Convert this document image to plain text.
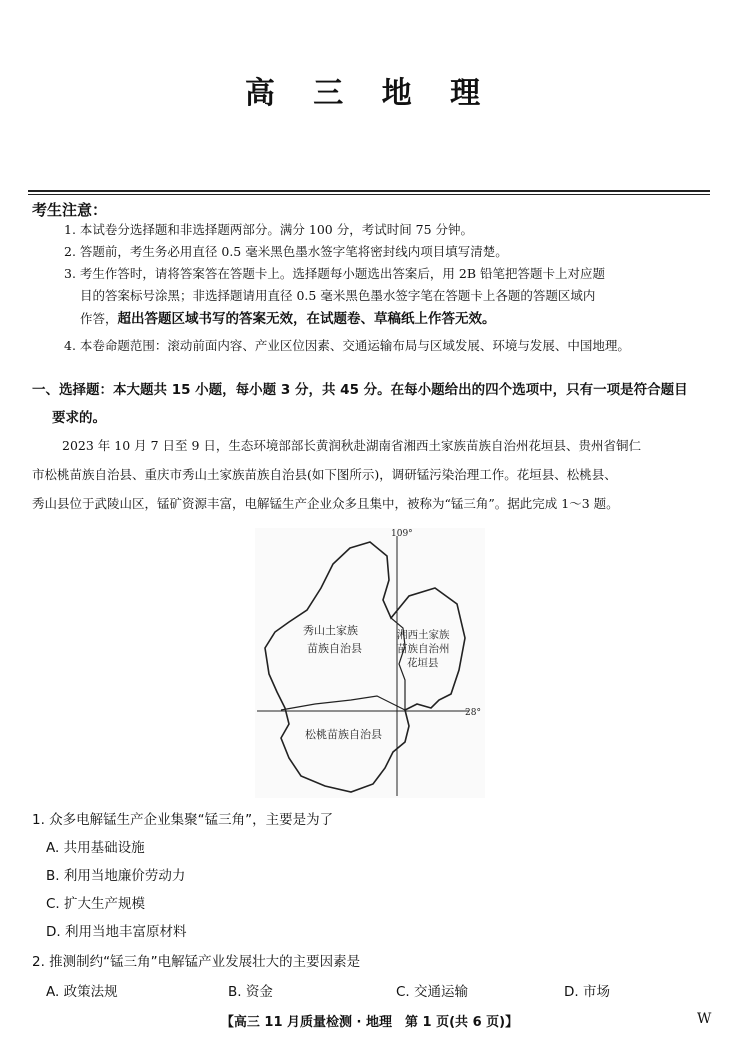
高 三 地 理
考生注意：
1. 本试卷分选择题和非选择题两部分。满分 100 分，考试时间 75 分钟。
2. 答题前，考生务必用直径 0.5 毫米黑色墨水签字笔将密封线内项目填写清楚。
3. 考生作答时，请将答案答在答题卡上。选择题每小题选出答案后，用 2B 铅笔把答题卡上对应题
目的答案标号涂黑；非选择题请用直径 0.5 毫米黑色墨水签字笔在答题卡上各题的答题区域内
作答，超出答题区域书写的答案无效，在试题卷、草稿纸上作答无效。
4. 本卷命题范围：滚动前面内容、产业区位因素、交通运输布局与区域发展、环境与发展、中国地理。
一、选择题：本大题共 15 小题，每小题 3 分，共 45 分。在每小题给出的四个选项中，只有一项是符合题目
要求的。
2023 年 10 月 7 日至 9 日，生态环境部部长黄润秋赴湖南省湘西土家族苗族自治州花垣县、贵州省铜仁
市松桃苗族自治县、重庆市秀山土家族苗族自治县(如下图所示)，调研锰污染治理工作。花垣县、松桃县、
秀山县位于武陵山区，锰矿资源丰富，电解锰生产企业众多且集中，被称为“锰三角”。据此完成 1～3 题。
109°
28°
秀山土家族
苗族自治县
湘西土家族
苗族自治州
花垣县
松桃苗族自治县
1. 众多电解锰生产企业集聚“锰三角”，主要是为了
A. 共用基础设施
B. 利用当地廉价劳动力
C. 扩大生产规模
D. 利用当地丰富原材料
2. 推测制约“锰三角”电解锰产业发展壮大的主要因素是
A. 政策法规	B. 资金	C. 交通运输	D. 市场
【高三 11 月质量检测 · 地理　第 1 页(共 6 页)】	W
